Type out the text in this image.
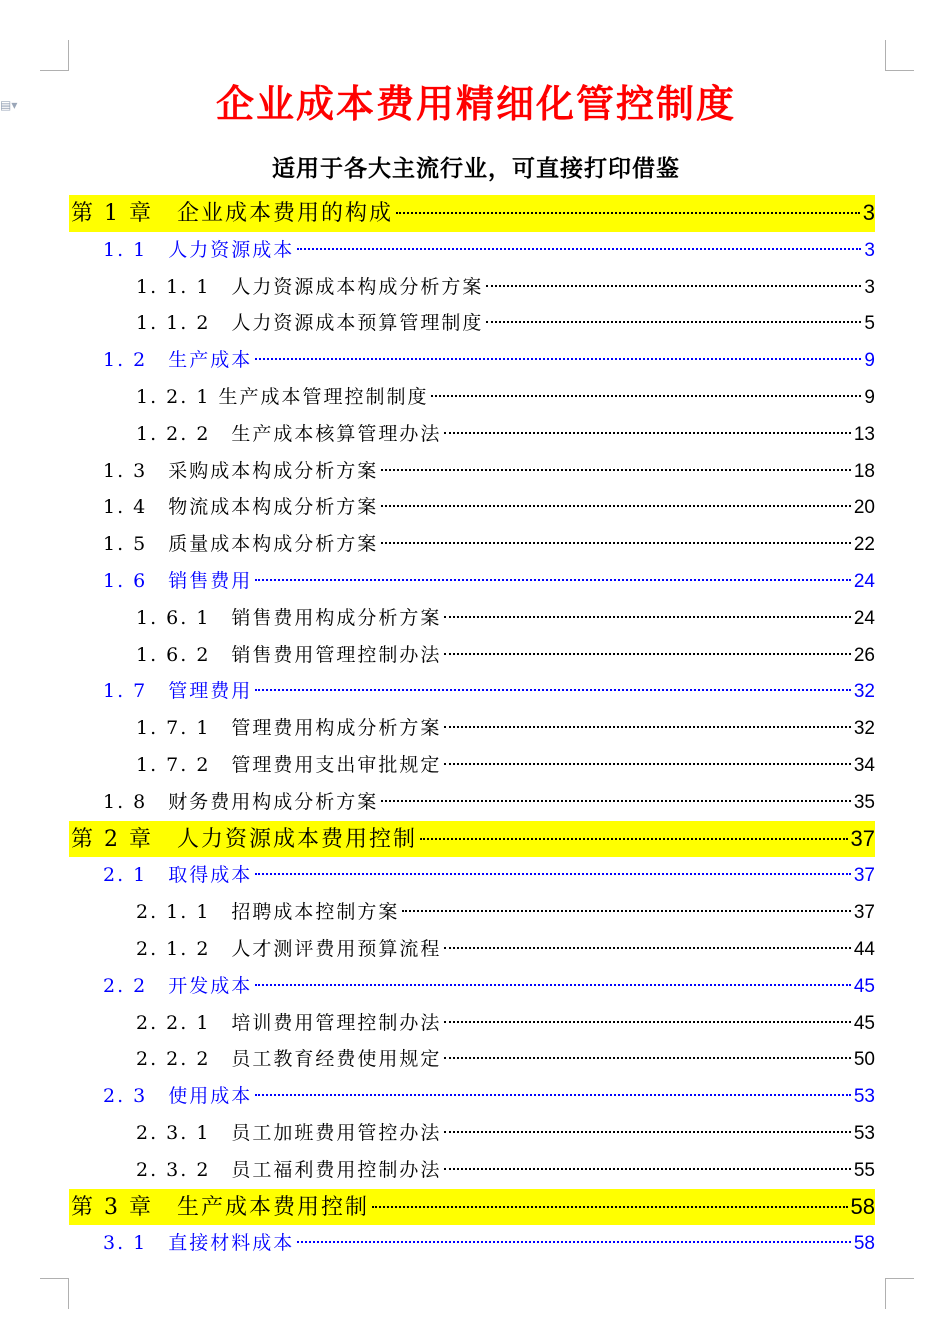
▤▾	企业成本费用精细化管控制度
适用于各大主流行业，可直接打印借鉴
第 1 章　企业成本费用的构成	3
1. 1　人力资源成本	3
1. 1. 1　人力资源成本构成分析方案	3
1. 1. 2　人力资源成本预算管理制度	5
1. 2　生产成本	9
1. 2. 1 生产成本管理控制制度	9
1. 2. 2　生产成本核算管理办法	13
1. 3　采购成本构成分析方案	18
1. 4　物流成本构成分析方案	20
1. 5　质量成本构成分析方案	22
1. 6　销售费用	24
1. 6. 1　销售费用构成分析方案	24
1. 6. 2　销售费用管理控制办法	26
1. 7　管理费用	32
1. 7. 1　管理费用构成分析方案	32
1. 7. 2　管理费用支出审批规定	34
1. 8　财务费用构成分析方案	35
第 2 章　人力资源成本费用控制	37
2. 1　取得成本	37
2. 1. 1　招聘成本控制方案	37
2. 1. 2　人才测评费用预算流程	44
2. 2　开发成本	45
2. 2. 1　培训费用管理控制办法	45
2. 2. 2　员工教育经费使用规定	50
2. 3　使用成本	53
2. 3. 1　员工加班费用管控办法	53
2. 3. 2　员工福利费用控制办法	55
第 3 章　生产成本费用控制	58
3. 1　直接材料成本	58
